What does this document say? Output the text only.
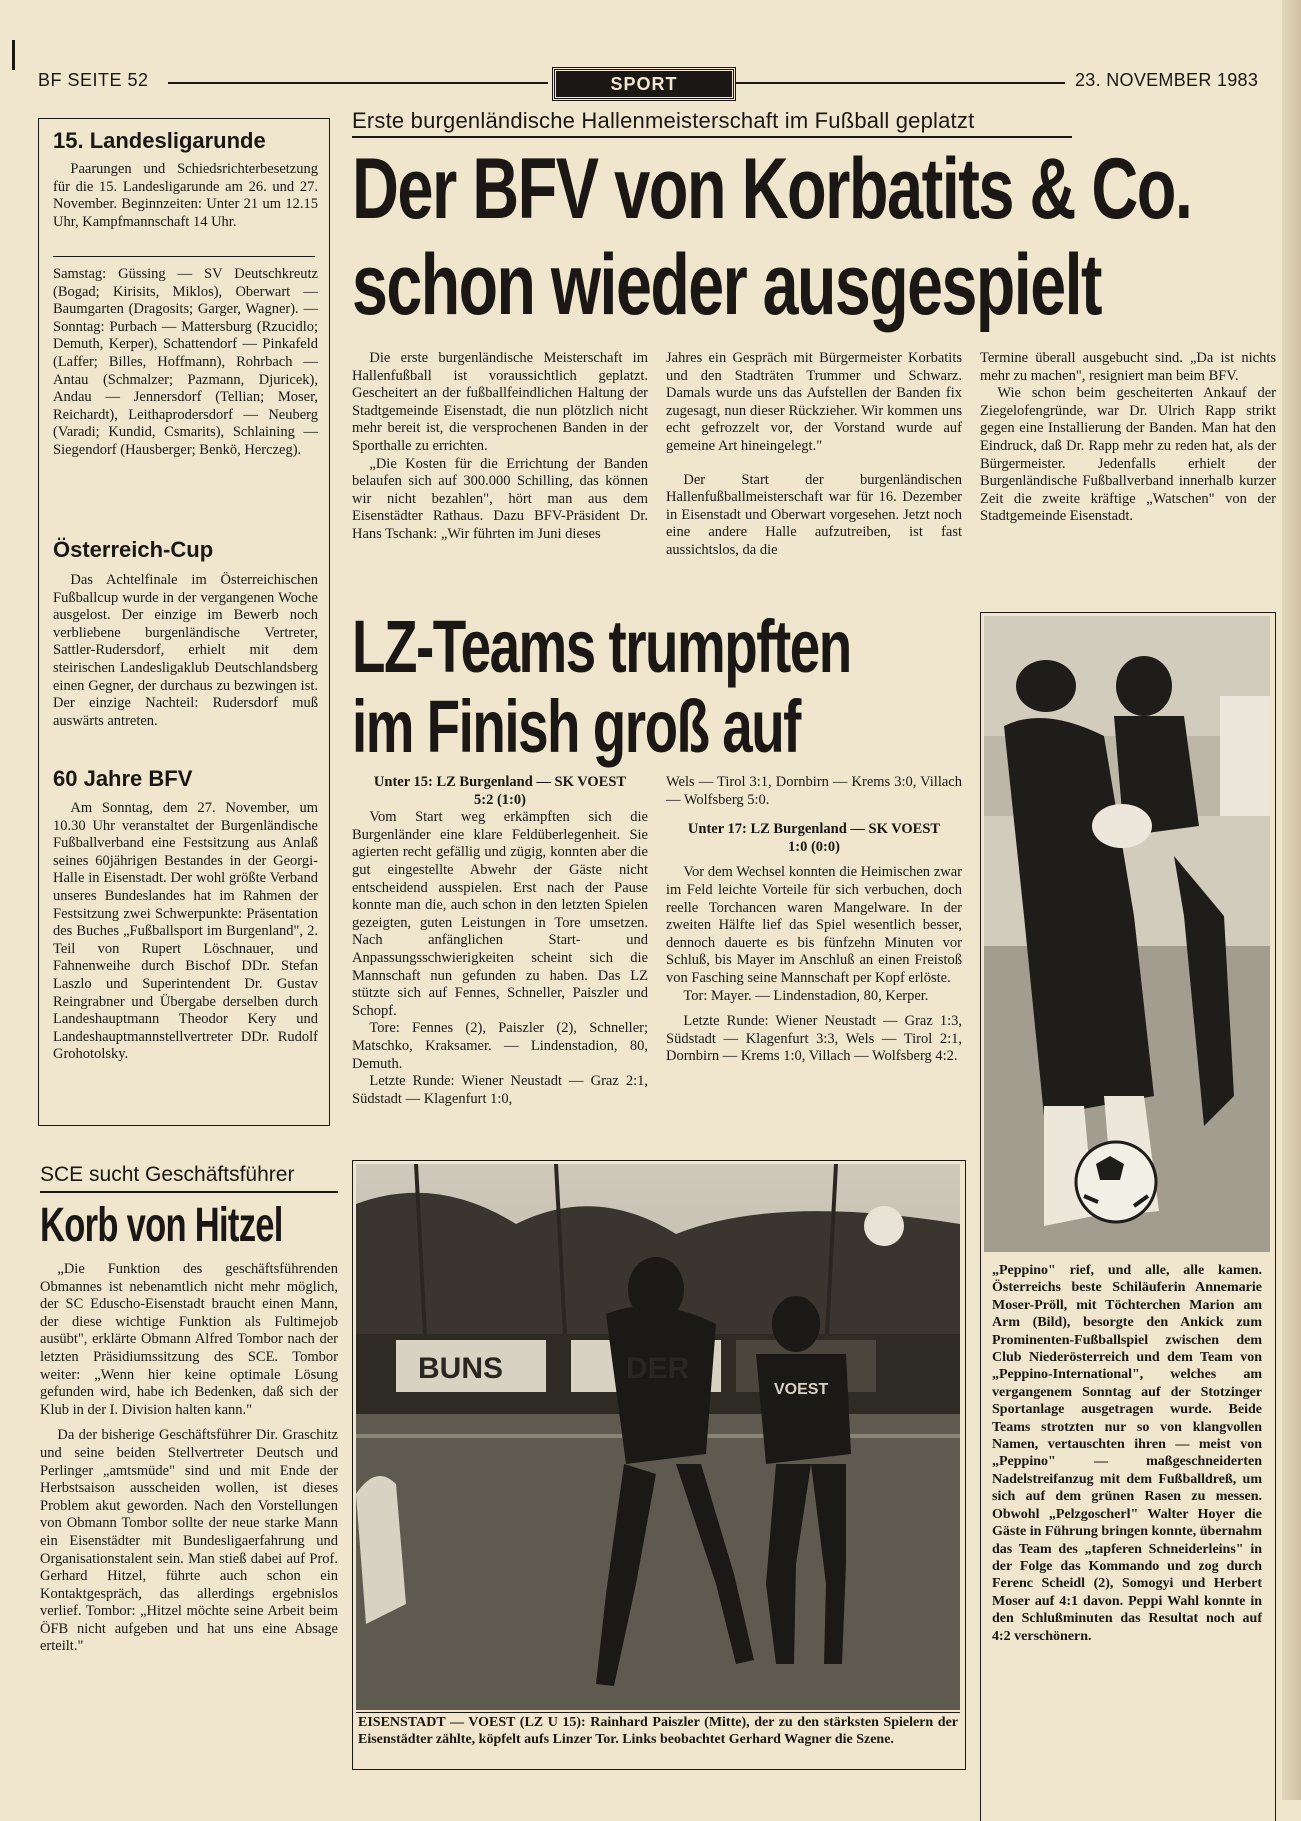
BF SEITE 52	SPORT	23. NOVEMBER 1983
15. Landesligarunde

Paarungen und Schiedsrichterbesetzung für die 15. Landesligarunde am 26. und 27. November. Beginnzeiten: Unter 21 um 12.15 Uhr, Kampfmannschaft 14 Uhr.

Samstag: Güssing — SV Deutschkreutz (Bogad; Kirisits, Miklos), Oberwart — Baumgarten (Dragosits; Garger, Wagner). — Sonntag: Purbach — Mattersburg (Rzucidlo; Demuth, Kerper), Schattendorf — Pinkafeld (Laffer; Billes, Hoffmann), Rohrbach — Antau (Schmalzer; Pazmann, Djuricek), Andau — Jennersdorf (Tellian; Moser, Reichardt), Leithaprodersdorf — Neuberg (Varadi; Kundid, Csmarits), Schlaining — Siegendorf (Hausberger; Benkö, Herczeg).

Österreich-Cup

Das Achtelfinale im Österreichischen Fußballcup wurde in der vergangenen Woche ausgelost. Der einzige im Bewerb noch verbliebene burgenländische Vertreter, Sattler-Rudersdorf, erhielt mit dem steirischen Landesligaklub Deutschlandsberg einen Gegner, der durchaus zu bezwingen ist. Der einzige Nachteil: Rudersdorf muß auswärts antreten.

60 Jahre BFV

Am Sonntag, dem 27. November, um 10.30 Uhr veranstaltet der Burgenländische Fußballverband eine Festsitzung aus Anlaß seines 60jährigen Bestandes in der Georgi-Halle in Eisenstadt. Der wohl größte Verband unseres Bundeslandes hat im Rahmen der Festsitzung zwei Schwerpunkte: Präsentation des Buches „Fußballsport im Burgenland", 2. Teil von Rupert Löschnauer, und Fahnenweihe durch Bischof DDr. Stefan Laszlo und Superintendent Dr. Gustav Reingrabner und Übergabe derselben durch Landeshauptmann Theodor Kery und Landeshauptmannstellvertreter DDr. Rudolf Grohotolsky.

SCE sucht Geschäftsführer
Korb von Hitzel

„Die Funktion des geschäftsführenden Obmannes ist nebenamtlich nicht mehr möglich, der SC Eduscho-Eisenstadt braucht einen Mann, der diese wichtige Funktion als Fultimejob ausübt", erklärte Obmann Alfred Tombor nach der letzten Präsidiumssitzung des SCE. Tombor weiter: „Wenn hier keine optimale Lösung gefunden wird, habe ich Bedenken, daß sich der Klub in der I. Division halten kann."

Da der bisherige Geschäftsführer Dir. Graschitz und seine beiden Stellvertreter Deutsch und Perlinger „amtsmüde" sind und mit Ende der Herbstsaison ausscheiden wollen, ist dieses Problem akut geworden. Nach den Vorstellungen von Obmann Tombor sollte der neue starke Mann ein Eisenstädter mit Bundesligaerfahrung und Organisationstalent sein. Man stieß dabei auf Prof. Gerhard Hitzel, führte auch schon ein Kontaktgespräch, das allerdings ergebnislos verlief. Tombor: „Hitzel möchte seine Arbeit beim ÖFB nicht aufgeben und hat uns eine Absage erteilt."

Erste burgenländische Hallenmeisterschaft im Fußball geplatzt
Der BFV von Korbatits & Co.
schon wieder ausgespielt

Die erste burgenländische Meisterschaft im Hallenfußball ist voraussichtlich geplatzt. Gescheitert an der fußballfeindlichen Haltung der Stadtgemeinde Eisenstadt, die nun plötzlich nicht mehr bereit ist, die versprochenen Banden in der Sporthalle zu errichten.

„Die Kosten für die Errichtung der Banden belaufen sich auf 300.000 Schilling, das können wir nicht bezahlen", hört man aus dem Eisenstädter Rathaus. Dazu BFV-Präsident Dr. Hans Tschank: „Wir führten im Juni dieses

Jahres ein Gespräch mit Bürgermeister Korbatits und den Stadträten Trummer und Schwarz. Damals wurde uns das Aufstellen der Banden fix zugesagt, nun dieser Rückzieher. Wir kommen uns echt gefrozzelt vor, der Vorstand wurde auf gemeine Art hineingelegt."

Der Start der burgenländischen Hallenfußballmeisterschaft war für 16. Dezember in Eisenstadt und Oberwart vorgesehen. Jetzt noch eine andere Halle aufzutreiben, ist fast aussichtslos, da die

Termine überall ausgebucht sind. „Da ist nichts mehr zu machen", resigniert man beim BFV.

Wie schon beim gescheiterten Ankauf der Ziegelofengründe, war Dr. Ulrich Rapp strikt gegen eine Installierung der Banden. Man hat den Eindruck, daß Dr. Rapp mehr zu reden hat, als der Bürgermeister. Jedenfalls erhielt der Burgenländische Fußballverband innerhalb kurzer Zeit die zweite kräftige „Watschen" von der Stadtgemeinde Eisenstadt.

LZ-Teams trumpften
im Finish groß auf
Unter 15: LZ Burgenland — SK VOEST
5:2 (1:0)

Vom Start weg erkämpften sich die Burgenländer eine klare Feldüberlegenheit. Sie agierten recht gefällig und zügig, konnten aber die gut eingestellte Abwehr der Gäste nicht entscheidend ausspielen. Erst nach der Pause konnte man die, auch schon in den letzten Spielen gezeigten, guten Leistungen in Tore umsetzen. Nach anfänglichen Start- und Anpassungsschwierigkeiten scheint sich die Mannschaft nun gefunden zu haben. Das LZ stützte sich auf Fennes, Schneller, Paiszler und Schopf.

Tore: Fennes (2), Paiszler (2), Schneller; Matschko, Kraksamer. — Lindenstadion, 80, Demuth.

Letzte Runde: Wiener Neustadt — Graz 2:1, Südstadt — Klagenfurt 1:0,

Wels — Tirol 3:1, Dornbirn — Krems 3:0, Villach — Wolfsberg 5:0.

Unter 17: LZ Burgenland — SK VOEST
1:0 (0:0)

Vor dem Wechsel konnten die Heimischen zwar im Feld leichte Vorteile für sich verbuchen, doch reelle Torchancen waren Mangelware. In der zweiten Hälfte lief das Spiel wesentlich besser, dennoch dauerte es bis fünfzehn Minuten vor Schluß, bis Mayer im Anschluß an einen Freistoß von Fasching seine Mannschaft per Kopf erlöste.

Tor: Mayer. — Lindenstadion, 80, Kerper.

Letzte Runde: Wiener Neustadt — Graz 1:3, Südstadt — Klagenfurt 3:3, Wels — Tirol 2:1, Dornbirn — Krems 1:0, Villach — Wolfsberg 4:2.

BUNS	DER
VOEST
EISENSTADT — VOEST (LZ U 15): Rainhard Paiszler (Mitte), der zu den stärksten Spielern der Eisenstädter zählte, köpfelt aufs Linzer Tor. Links beobachtet Gerhard Wagner die Szene.
„Peppino" rief, und alle, alle kamen. Österreichs beste Schiläuferin Annemarie Moser-Pröll, mit Töchterchen Marion am Arm (Bild), besorgte den Ankick zum Prominenten-Fußballspiel zwischen dem Club Niederösterreich und dem Team von „Peppino-International", welches am vergangenem Sonntag auf der Stotzinger Sportanlage ausgetragen wurde. Beide Teams strotzten nur so von klangvollen Namen, vertauschten ihren — meist von „Peppino" — maßgeschneiderten Nadelstreifanzug mit dem Fußballdreß, um sich auf dem grünen Rasen zu messen. Obwohl „Pelzgoscherl" Walter Hoyer die Gäste in Führung bringen konnte, übernahm das Team des „tapferen Schneiderleins" in der Folge das Kommando und zog durch Ferenc Scheidl (2), Somogyi und Herbert Moser auf 4:1 davon. Peppi Wahl konnte in den Schlußminuten das Resultat noch auf 4:2 verschönern.
